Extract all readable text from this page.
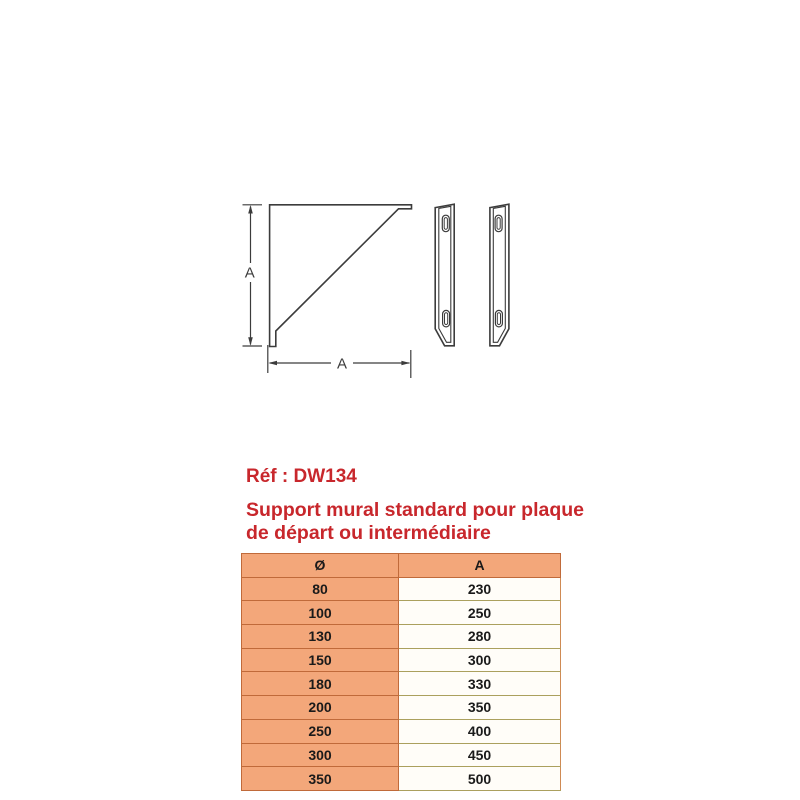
A
A
Réf : DW134
Support mural standard pour plaque
de départ ou intermédiaire
Ø	A
80	230
100	250
130	280
150	300
180	330
200	350
250	400
300	450
350	500
